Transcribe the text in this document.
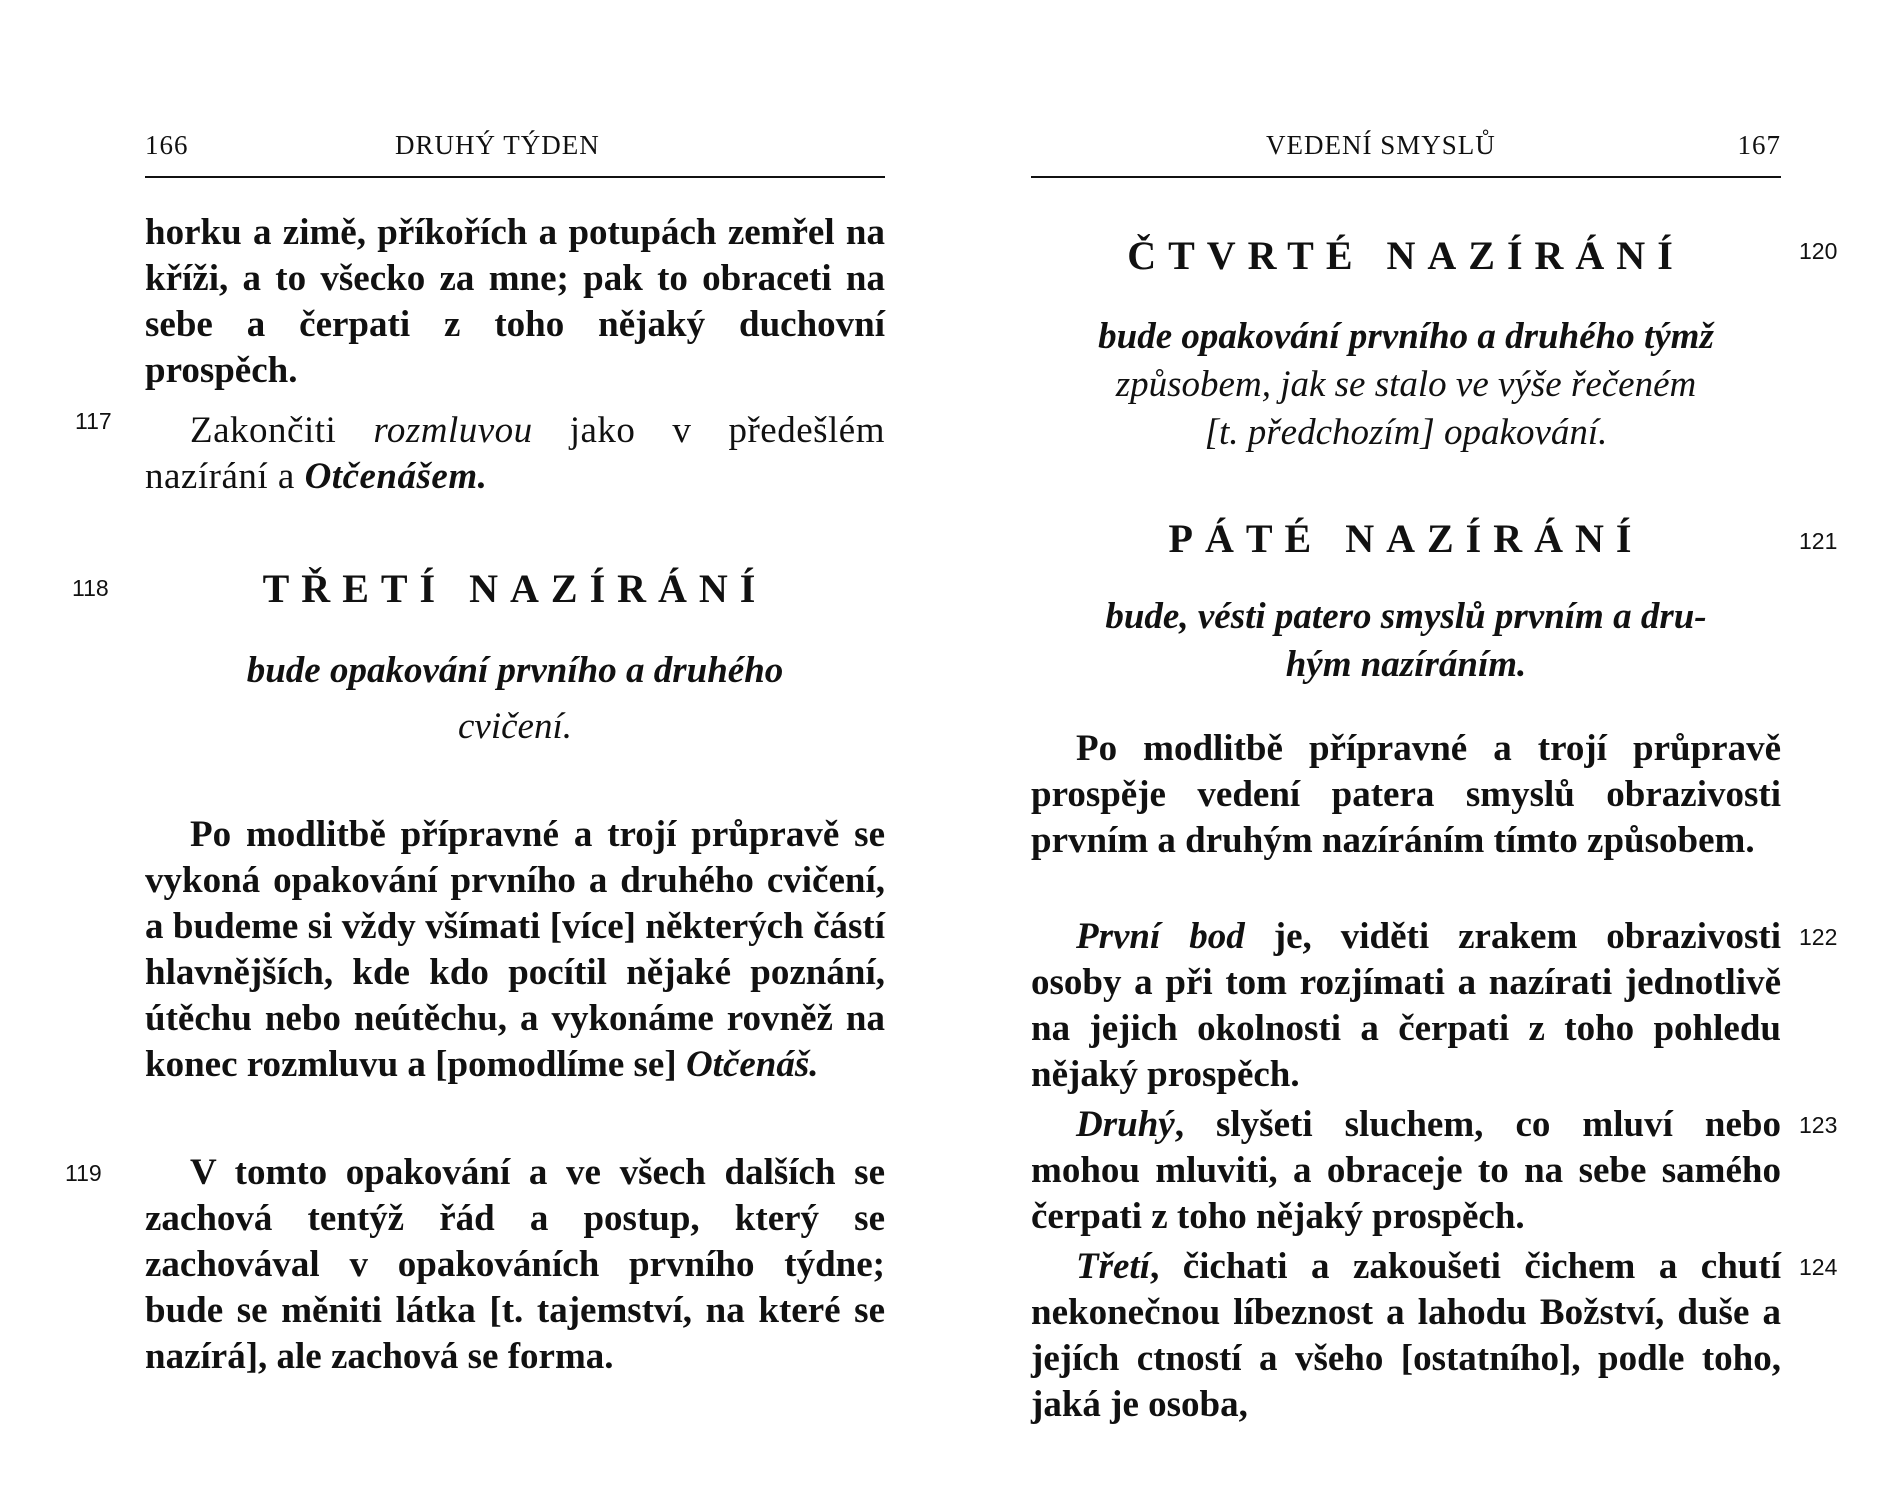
166	DRUHÝ TÝDEN
horku a zimě, příkořích a potupách zemřel na kříži, a to všecko za mne; pak to obraceti na sebe a čerpati z toho nějaký duchovní prospěch.
Zakončiti rozmluvou jako v předešlém nazírání a Otčenášem.
TŘETÍ NAZÍRÁNÍ
bude opakování prvního a druhého
cvičení.
Po modlitbě přípravné a trojí průpravě se vykoná opakování prvního a druhého cvičení, a budeme si vždy všímati [více] některých částí hlavnějších, kde kdo pocítil nějaké poznání, útěchu nebo neútěchu, a vykonáme rovněž na konec rozmluvu a [pomodlíme se] Otčenáš.
V tomto opakování a ve všech dalších se zachová tentýž řád a postup, který se zachovával v opakováních prvního týdne; bude se měniti látka [t. tajemství, na které se nazírá], ale zachová se forma.
117
118
119
VEDENÍ SMYSLŮ	167
ČTVRTÉ NAZÍRÁNÍ
bude opakování prvního a druhého týmž
způsobem, jak se stalo ve výše řečeném
[t. předchozím] opakování.
PÁTÉ NAZÍRÁNÍ
bude, vésti patero smyslů prvním a dru-
hým nazíráním.
Po modlitbě přípravné a trojí průpravě prospěje vedení patera smyslů obrazivosti prvním a druhým nazíráním tímto způsobem.
První bod je, viděti zrakem obrazivosti osoby a při tom rozjímati a nazírati jednotlivě na jejich okolnosti a čerpati z toho pohledu nějaký prospěch.
Druhý, slyšeti sluchem, co mluví nebo mohou mluviti, a obraceje to na sebe samého čerpati z toho nějaký prospěch.
Třetí, čichati a zakoušeti čichem a chutí nekonečnou líbeznost a lahodu Božství, duše a jejích ctností a všeho [ostatního], podle toho, jaká je osoba,
120
121
122
123
124
